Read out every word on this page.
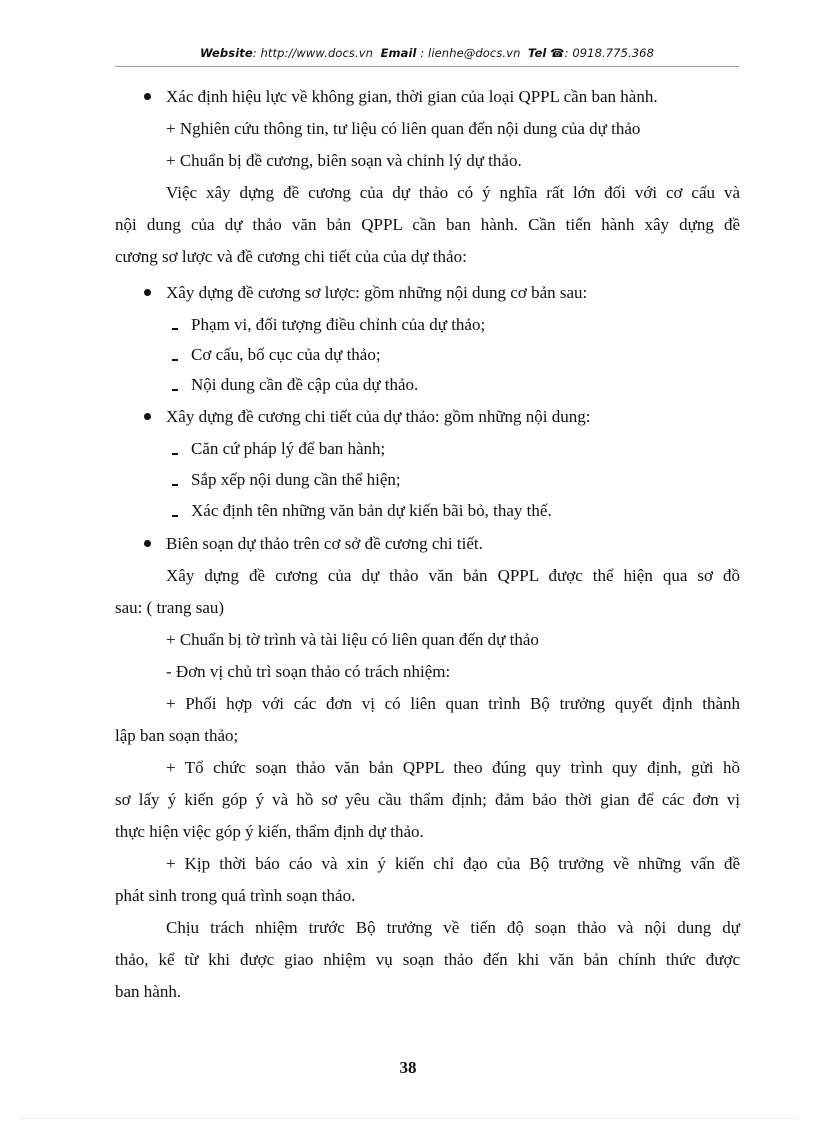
Website: http://www.docs.vn Email : lienhe@docs.vn Tel ☎: 0918.775.368
Xác định hiệu lực về không gian, thời gian của loại QPPL cần ban hành.
+ Nghiên cứu thông tin, tư liệu có liên quan đến nội dung của dự thảo
+ Chuẩn bị đề cương, biên soạn và chỉnh lý dự thảo.
Việc xây dựng đề cương của dự thảo có ý nghĩa rất lớn đối với cơ cấu và
nội dung của dự thảo văn bản QPPL cần ban hành. Cần tiến hành xây dựng đề
cương sơ lược và đề cương chi tiết của của dự thảo:
Xây dựng đề cương sơ lược: gồm những nội dung cơ bản sau:
Phạm vi, đối tượng điều chỉnh của dự thảo;
Cơ cấu, bố cục của dự thảo;
Nội dung cần đề cập của dự thảo.
Xây dựng đề cương chi tiết của dự thảo: gồm những nội dung:
Căn cứ pháp lý để ban hành;
Sắp xếp nội dung cần thể hiện;
Xác định tên những văn bản dự kiến bãi bỏ, thay thế.
Biên soạn dự thảo trên cơ sở đề cương chi tiết.
Xây dựng đề cương của dự thảo văn bản QPPL được thể hiện qua sơ đồ
sau: ( trang sau)
+ Chuẩn bị tờ trình và tài liệu có liên quan đến dự thảo
- Đơn vị chủ trì soạn thảo có trách nhiệm:
+ Phối hợp với các đơn vị có liên quan trình Bộ trưởng quyết định thành
lập ban soạn thảo;
+ Tổ chức soạn thảo văn bản QPPL theo đúng quy trình quy định, gửi hồ
sơ lấy ý kiến góp ý và hồ sơ yêu cầu thẩm định; đảm bảo thời gian để các đơn vị
thực hiện việc góp ý kiến, thẩm định dự thảo.
+ Kịp thời báo cáo và xin ý kiến chỉ đạo của Bộ trưởng về những vấn đề
phát sinh trong quá trình soạn thảo.
Chịu trách nhiệm trước Bộ trưởng về tiến độ soạn thảo và nội dung dự
thảo, kể từ khi được giao nhiệm vụ soạn thảo đến khi văn bản chính thức được
ban hành.
38
